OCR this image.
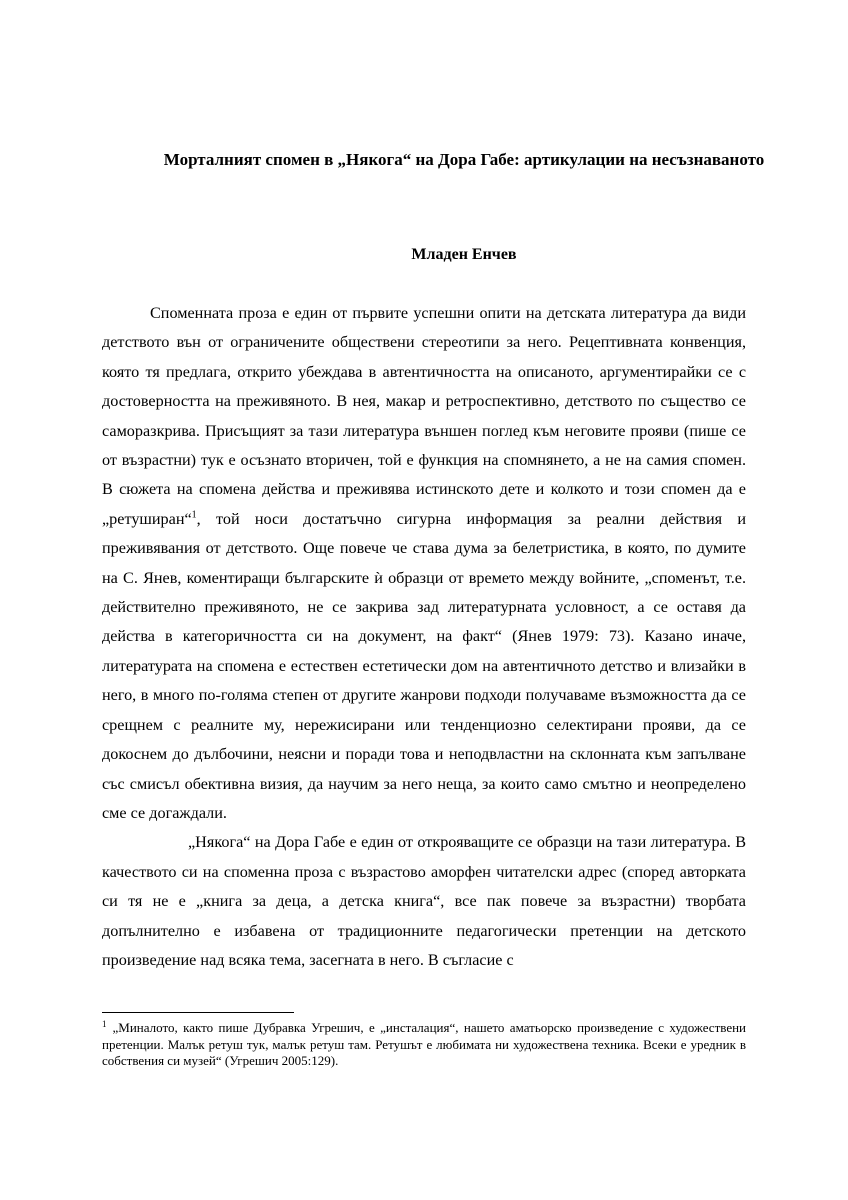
Морталният спомен в „Някога“ на Дора Габе: артикулации на несъзнаваното
Младен Енчев

Споменната проза е един от първите успешни опити на детската литература да види детството вън от ограничените обществени стереотипи за него. Рецептивната конвенция, която тя предлага, открито убеждава в автентичността на описаното, аргументирайки се с достоверността на преживяното. В нея, макар и ретроспективно, детството по същество се саморазкрива. Присъщият за тази литература външен поглед към неговите прояви (пише се от възрастни) тук е осъзнато вторичен, той е функция на спомнянето, а не на самия спомен. В сюжета на спомена действа и преживява истинското дете и колкото и този спомен да е „ретуширан“$^1$, той носи достатъчно сигурна информация за реални действия и преживявания от детството. Още повече че става дума за белетристика, в която, по думите на С. Янев, коментиращи българските ѝ образци от времето между войните, „споменът, т.е. действително преживяното, не се закрива зад литературната условност, а се оставя да действа в категоричността си на документ, на факт“ (Янев 1979: 73). Казано иначе, литературата на спомена е естествен естетически дом на автентичното детство и влизайки в него, в много по-голяма степен от другите жанрови подходи получаваме възможността да се срещнем с реалните му, нережисирани или тенденциозно селектирани прояви, да се докоснем до дълбочини, неясни и поради това и неподвластни на склонната към запълване със смисъл обективна визия, да научим за него неща, за които само смътно и неопределено сме се догаждали.

„Някога“ на Дора Габе е един от открояващите се образци на тази литература. В качеството си на споменна проза с възрастово аморфен читателски адрес (според авторката си тя не е „книга за деца, а детска книга“, все пак повече за възрастни) творбата допълнително е избавена от традиционните педагогически претенции на детското произведение над всяка тема, засегната в него. В съгласие с

$^1$ „Миналото, както пише Дубравка Угрешич, е „инсталация“, нашето аматьорско произведение с художествени претенции. Малък ретуш тук, малък ретуш там. Ретушът е любимата ни художествена техника. Всеки е уредник в собствения си музей“ (Угрешич 2005:129).
